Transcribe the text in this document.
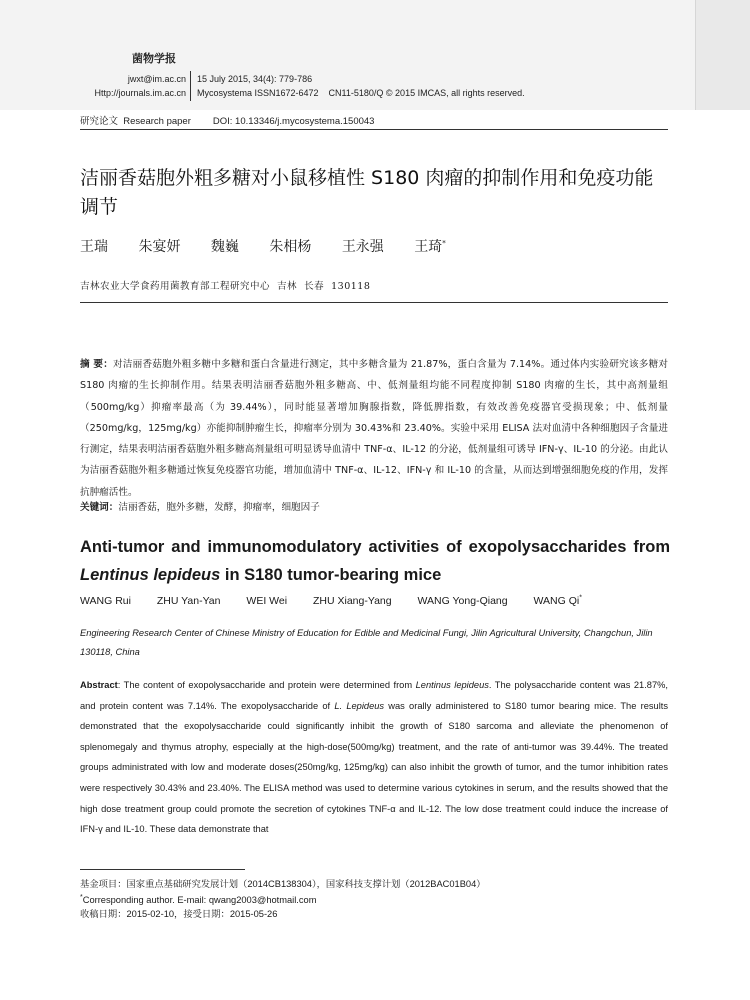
菌物学报
jwxt@im.ac.cn
Http://journals.im.ac.cn
15 July 2015, 34(4): 779-786
Mycosystema ISSN1672-6472    CN11-5180/Q © 2015 IMCAS, all rights reserved.
研究论文  Research paper DOI: 10.13346/j.mycosystema.150043
洁丽香菇胞外粗多糖对小鼠移植性 S180 肉瘤的抑制作用和免疫功能调节
王瑞 朱宴妍 魏巍 朱相杨 王永强 王琦*
吉林农业大学食药用菌教育部工程研究中心  吉林  长春  130118

摘 要：对洁丽香菇胞外粗多糖中多糖和蛋白含量进行测定，其中多糖含量为 21.87%，蛋白含量为 7.14%。通过体内实验研究该多糖对 S180 肉瘤的生长抑制作用。结果表明洁丽香菇胞外粗多糖高、中、低剂量组均能不同程度抑制 S180 肉瘤的生长，其中高剂量组（500mg/kg）抑瘤率最高（为 39.44%），同时能显著增加胸腺指数，降低脾指数，有效改善免疫器官受损现象；中、低剂量（250mg/kg，125mg/kg）亦能抑制肿瘤生长，抑瘤率分别为 30.43%和 23.40%。实验中采用 ELISA 法对血清中各种细胞因子含量进行测定，结果表明洁丽香菇胞外粗多糖高剂量组可明显诱导血清中 TNF-α、IL-12 的分泌，低剂量组可诱导 IFN-γ、IL-10 的分泌。由此认为洁丽香菇胞外粗多糖通过恢复免疫器官功能，增加血清中 TNF-α、IL-12、IFN-γ 和 IL-10 的含量，从而达到增强细胞免疫的作用，发挥抗肿瘤活性。

关键词：洁丽香菇，胞外多糖，发酵，抑瘤率，细胞因子
Anti-tumor and immunomodulatory activities of exopolysaccharides from Lentinus lepideus in S180 tumor-bearing mice
WANG Rui ZHU Yan-Yan WEI Wei ZHU Xiang-Yang WANG Yong-Qiang WANG Qi*

Engineering Research Center of Chinese Ministry of Education for Edible and Medicinal Fungi, Jilin Agricultural University, Changchun, Jilin 130118, China

Abstract: The content of exopolysaccharide and protein were determined from Lentinus lepideus. The polysaccharide content was 21.87%, and protein content was 7.14%. The exopolysaccharide of L. Lepideus was orally administered to S180 tumor bearing mice. The results demonstrated that the exopolysaccharide could significantly inhibit the growth of S180 sarcoma and alleviate the phenomenon of splenomegaly and thymus atrophy, especially at the high-dose(500mg/kg) treatment, and the rate of anti-tumor was 39.44%. The treated groups administrated with low and moderate doses(250mg/kg, 125mg/kg) can also inhibit the growth of tumor, and the tumor inhibition rates were respectively 30.43% and 23.40%. The ELISA method was used to determine various cytokines in serum, and the results showed that the high dose treatment group could promote the secretion of cytokines TNF-α and IL-12. The low dose treatment could induce the increase of IFN-γ and IL-10. These data demonstrate that

基金项目：国家重点基础研究发展计划（2014CB138304），国家科技支撑计划（2012BAC01B04）
*Corresponding author. E-mail: qwang2003@hotmail.com
收稿日期：2015-02-10，接受日期：2015-05-26
